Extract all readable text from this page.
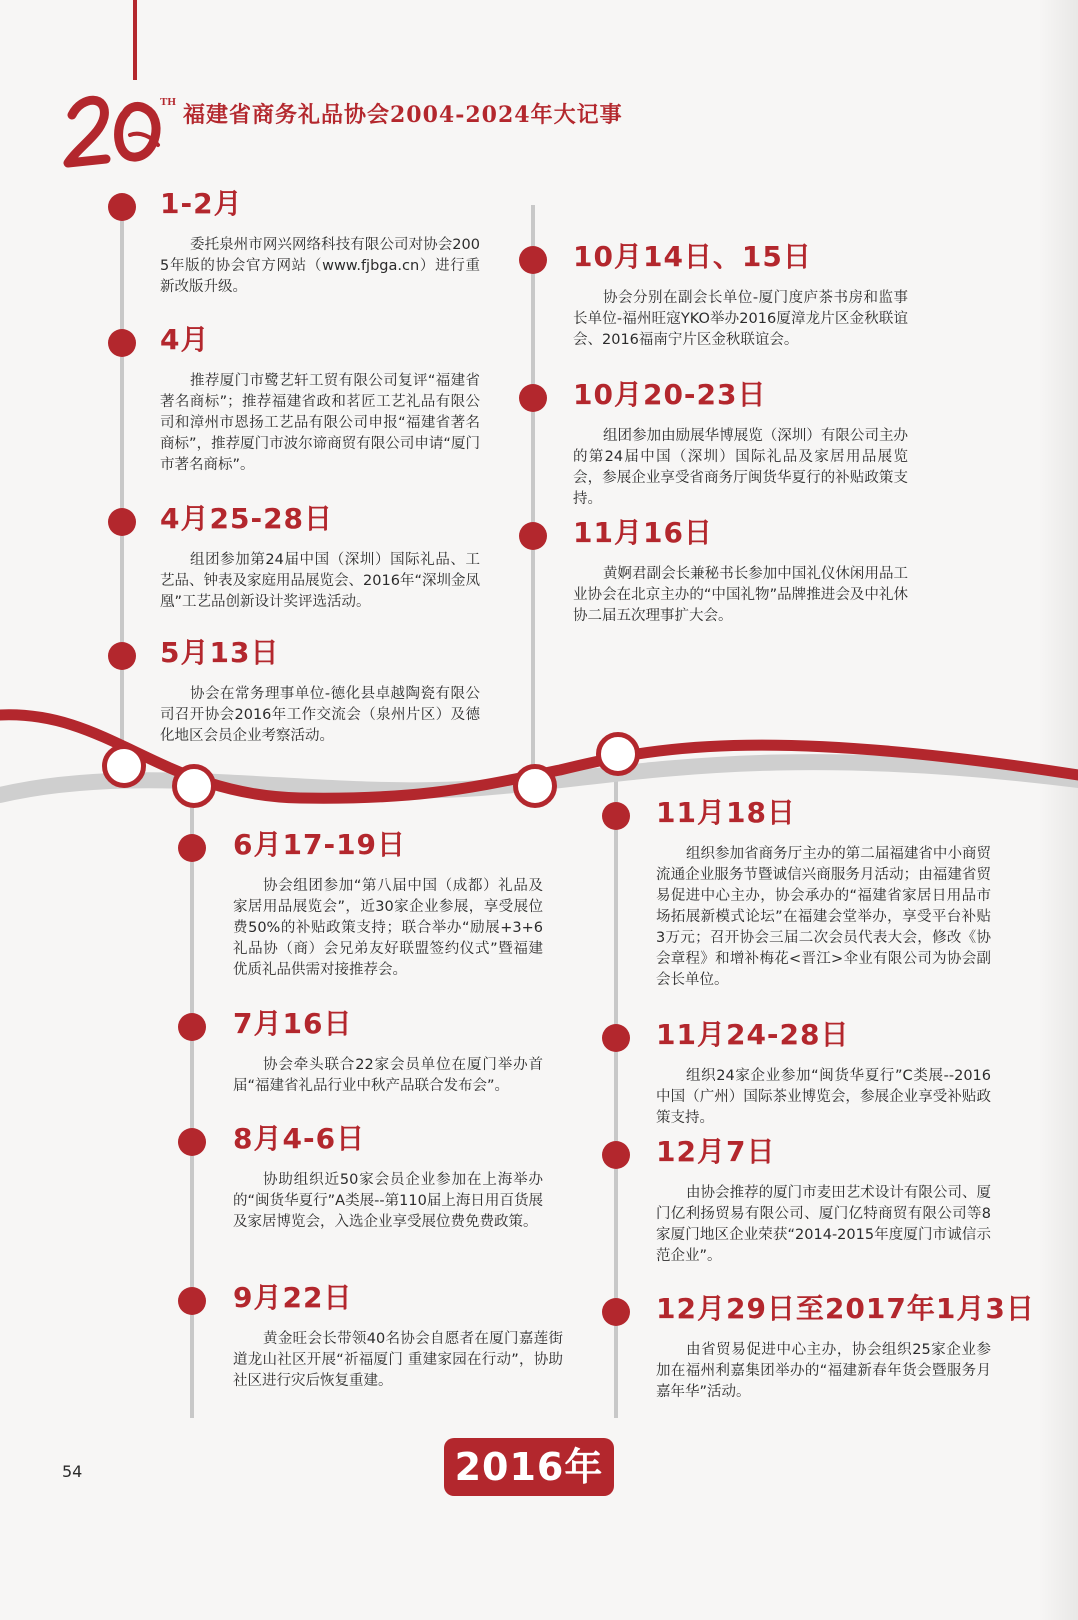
TH 福建省商务礼品协会2004-2024年大记事
1-2月
委托泉州市网兴网络科技有限公司对协会2005年版的协会官方网站（www.fjbga.cn）进行重新改版升级。
4月
推荐厦门市鹭艺轩工贸有限公司复评“福建省著名商标”；推荐福建省政和茗匠工艺礼品有限公司和漳州市恩扬工艺品有限公司申报“福建省著名商标”，推荐厦门市波尔谛商贸有限公司申请“厦门市著名商标”。
4月25-28日
组团参加第24届中国（深圳）国际礼品、工艺品、钟表及家庭用品展览会、2016年“深圳金凤凰”工艺品创新设计奖评选活动。
5月13日
协会在常务理事单位-德化县卓越陶瓷有限公司召开协会2016年工作交流会（泉州片区）及德化地区会员企业考察活动。
10月14日、15日
协会分别在副会长单位-厦门度庐茶书房和监事长单位-福州旺寇YKO举办2016厦漳龙片区金秋联谊会、2016福南宁片区金秋联谊会。
10月20-23日
组团参加由励展华博展览（深圳）有限公司主办的第24届中国（深圳）国际礼品及家居用品展览会，参展企业享受省商务厅闽货华夏行的补贴政策支持。
11月16日
黄婀君副会长兼秘书长参加中国礼仪休闲用品工业协会在北京主办的“中国礼物”品牌推进会及中礼休协二届五次理事扩大会。
6月17-19日
协会组团参加“第八届中国（成都）礼品及家居用品展览会”，近30家企业参展，享受展位费50%的补贴政策支持；联合举办“励展+3+6礼品协（商）会兄弟友好联盟签约仪式”暨福建优质礼品供需对接推荐会。
7月16日
协会牵头联合22家会员单位在厦门举办首届“福建省礼品行业中秋产品联合发布会”。
8月4-6日
协助组织近50家会员企业参加在上海举办的“闽货华夏行”A类展--第110届上海日用百货展及家居博览会，入选企业享受展位费免费政策。
9月22日
黄金旺会长带领40名协会自愿者在厦门嘉莲街道龙山社区开展“祈福厦门 重建家园在行动”，协助社区进行灾后恢复重建。
11月18日
组织参加省商务厅主办的第二届福建省中小商贸流通企业服务节暨诚信兴商服务月活动；由福建省贸易促进中心主办，协会承办的“福建省家居日用品市场拓展新模式论坛”在福建会堂举办，享受平台补贴3万元；召开协会三届二次会员代表大会，修改《协会章程》和增补梅花<晋江>伞业有限公司为协会副会长单位。
11月24-28日
组织24家企业参加“闽货华夏行”C类展--2016中国（广州）国际茶业博览会，参展企业享受补贴政策支持。
12月7日
由协会推荐的厦门市麦田艺术设计有限公司、厦门亿利扬贸易有限公司、厦门亿特商贸有限公司等8家厦门地区企业荣获“2014-2015年度厦门市诚信示范企业”。
12月29日至2017年1月3日
由省贸易促进中心主办，协会组织25家企业参加在福州利嘉集团举办的“福建新春年货会暨服务月嘉年华”活动。
2016年
54
